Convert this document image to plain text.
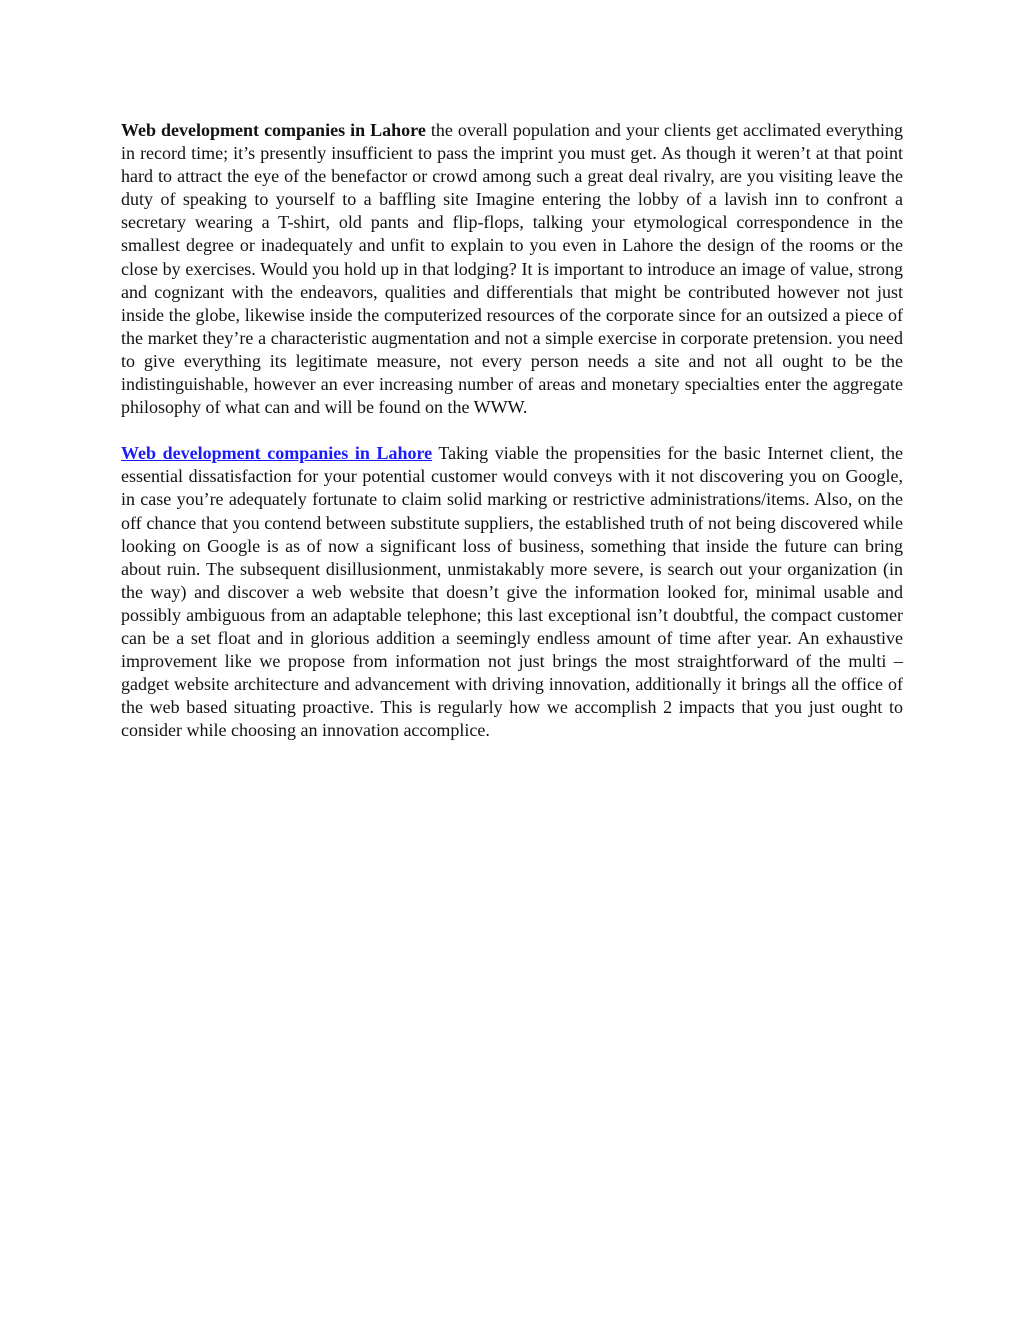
Web development companies in Lahore the overall population and your clients get acclimated everything in record time; it’s presently insufficient to pass the imprint you must get. As though it weren’t at that point hard to attract the eye of the benefactor or crowd among such a great deal rivalry, are you visiting leave the duty of speaking to yourself to a baffling site Imagine entering the lobby of a lavish inn to confront a secretary wearing a T-shirt, old pants and flip-flops, talking your etymological correspondence in the smallest degree or inadequately and unfit to explain to you even in Lahore the design of the rooms or the close by exercises. Would you hold up in that lodging? It is important to introduce an image of value, strong and cognizant with the endeavors, qualities and differentials that might be contributed however not just inside the globe, likewise inside the computerized resources of the corporate since for an outsized a piece of the market they’re a characteristic augmentation and not a simple exercise in corporate pretension. you need to give everything its legitimate measure, not every person needs a site and not all ought to be the indistinguishable, however an ever increasing number of areas and monetary specialties enter the aggregate philosophy of what can and will be found on the WWW.

Web development companies in Lahore Taking viable the propensities for the basic Internet client, the essential dissatisfaction for your potential customer would conveys with it not discovering you on Google, in case you’re adequately fortunate to claim solid marking or restrictive administrations/items. Also, on the off chance that you contend between substitute suppliers, the established truth of not being discovered while looking on Google is as of now a significant loss of business, something that inside the future can bring about ruin. The subsequent disillusionment, unmistakably more severe, is search out your organization (in the way) and discover a web website that doesn’t give the information looked for, minimal usable and possibly ambiguous from an adaptable telephone; this last exceptional isn’t doubtful, the compact customer can be a set float and in glorious addition a seemingly endless amount of time after year. An exhaustive improvement like we propose from information not just brings the most straightforward of the multi – gadget website architecture and advancement with driving innovation, additionally it brings all the office of the web based situating proactive. This is regularly how we accomplish 2 impacts that you just ought to consider while choosing an innovation accomplice.
